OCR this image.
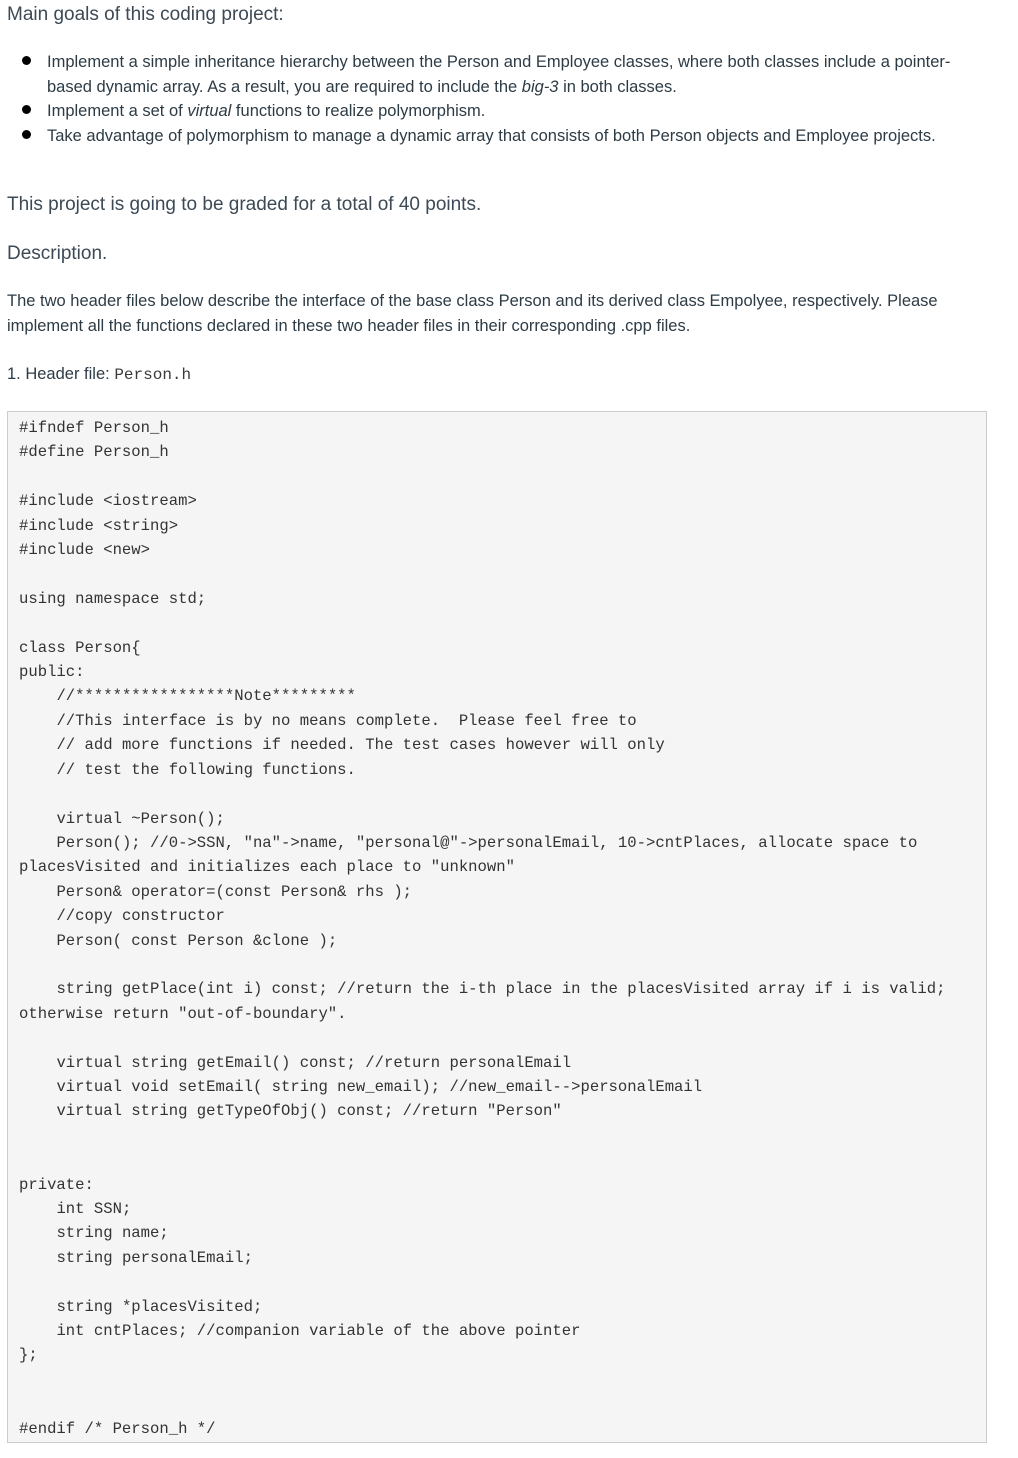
Main goals of this coding project:
Implement a simple inheritance hierarchy between the Person and Employee classes, where both classes include a pointer-based dynamic array. As a result, you are required to include the big-3 in both classes.
Implement a set of virtual functions to realize polymorphism.
Take advantage of polymorphism to manage a dynamic array that consists of both Person objects and Employee projects.
This project is going to be graded for a total of 40 points.
Description.
The two header files below describe the interface of the base class Person and its derived class Empolyee, respectively. Please implement all the functions declared in these two header files in their corresponding .cpp files.
1. Header file: Person.h
#ifndef Person_h
#define Person_h

#include <iostream>
#include <string>
#include <new>

using namespace std;

class Person{
public:
//*****************Note*********
//This interface is by no means complete.  Please feel free to
// add more functions if needed. The test cases however will only
// test the following functions.

virtual ~Person();
Person(); //0->SSN, "na"->name, "personal@"->personalEmail, 10->cntPlaces, allocate space to placesVisited and initializes each place to "unknown"
Person& operator=(const Person& rhs );
//copy constructor
Person( const Person &clone );

string getPlace(int i) const; //return the i-th place in the placesVisited array if i is valid; otherwise return "out-of-boundary".

virtual string getEmail() const; //return personalEmail
virtual void setEmail( string new_email); //new_email-->personalEmail
virtual string getTypeOfObj() const; //return "Person"

private:
int SSN;
string name;
string personalEmail;

string *placesVisited;
int cntPlaces; //companion variable of the above pointer
};

#endif /* Person_h */
